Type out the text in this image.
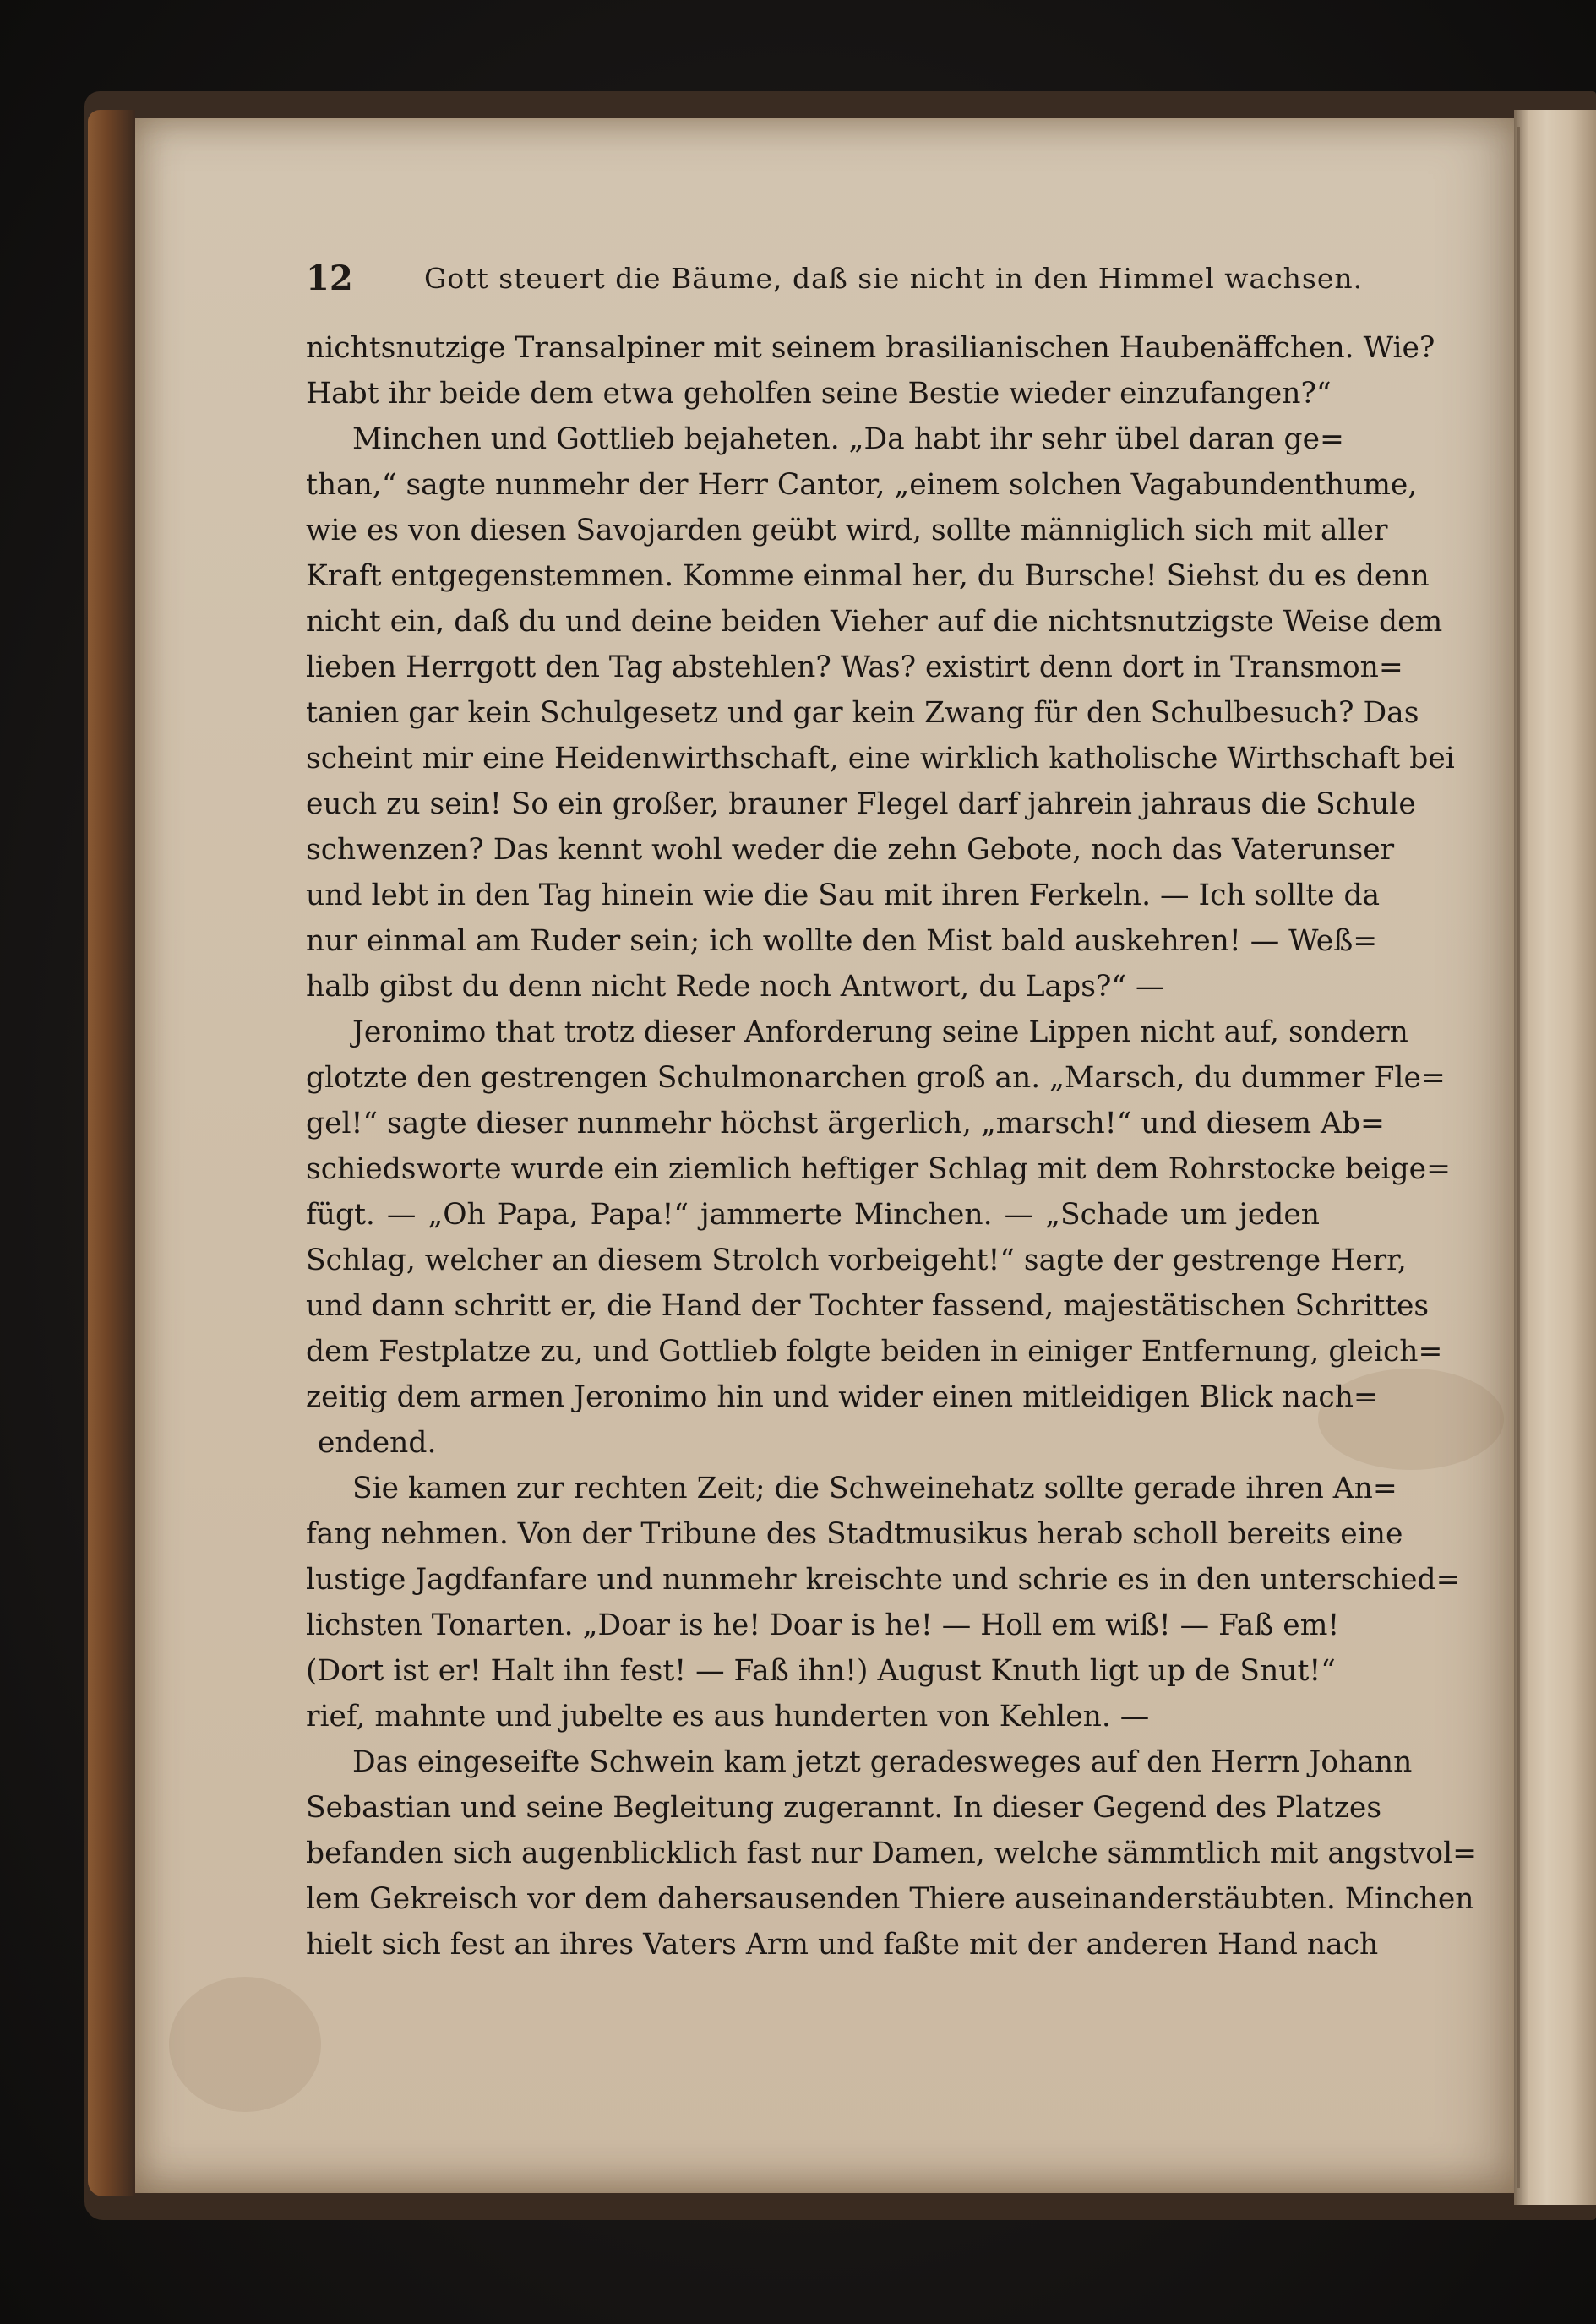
12	Gott steuert die Bäume, daß sie nicht in den Himmel wachsen.
nichtsnutzige Transalpiner mit seinem brasilianischen Haubenäffchen. Wie?
Habt ihr beide dem etwa geholfen seine Bestie wieder einzufangen?“
Minchen und Gottlieb bejaheten. „Da habt ihr sehr übel daran ge=
than,“ sagte nunmehr der Herr Cantor, „einem solchen Vagabundenthume,
wie es von diesen Savojarden geübt wird, sollte männiglich sich mit aller
Kraft entgegenstemmen. Komme einmal her, du Bursche! Siehst du es denn
nicht ein, daß du und deine beiden Vieher auf die nichtsnutzigste Weise dem
lieben Herrgott den Tag abstehlen? Was? existirt denn dort in Transmon=
tanien gar kein Schulgesetz und gar kein Zwang für den Schulbesuch? Das
scheint mir eine Heidenwirthschaft, eine wirklich katholische Wirthschaft bei
euch zu sein! So ein großer, brauner Flegel darf jahrein jahraus die Schule
schwenzen? Das kennt wohl weder die zehn Gebote, noch das Vaterunser
und lebt in den Tag hinein wie die Sau mit ihren Ferkeln. — Ich sollte da
nur einmal am Ruder sein; ich wollte den Mist bald auskehren! — Weß=
halb gibst du denn nicht Rede noch Antwort, du Laps?“ —
Jeronimo that trotz dieser Anforderung seine Lippen nicht auf, sondern
glotzte den gestrengen Schulmonarchen groß an. „Marsch, du dummer Fle=
gel!“ sagte dieser nunmehr höchst ärgerlich, „marsch!“ und diesem Ab=
schiedsworte wurde ein ziemlich heftiger Schlag mit dem Rohrstocke beige=
fügt. — „Oh Papa, Papa!“ jammerte Minchen. — „Schade um jeden
Schlag, welcher an diesem Strolch vorbeigeht!“ sagte der gestrenge Herr,
und dann schritt er, die Hand der Tochter fassend, majestätischen Schrittes
dem Festplatze zu, und Gottlieb folgte beiden in einiger Entfernung, gleich=
zeitig dem armen Jeronimo hin und wider einen mitleidigen Blick nach=
endend.
Sie kamen zur rechten Zeit; die Schweinehatz sollte gerade ihren An=
fang nehmen. Von der Tribune des Stadtmusikus herab scholl bereits eine
lustige Jagdfanfare und nunmehr kreischte und schrie es in den unterschied=
lichsten Tonarten. „Doar is he! Doar is he! — Holl em wiß! — Faß em!
(Dort ist er! Halt ihn fest! — Faß ihn!) August Knuth ligt up de Snut!“
rief, mahnte und jubelte es aus hunderten von Kehlen. —
Das eingeseifte Schwein kam jetzt geradesweges auf den Herrn Johann
Sebastian und seine Begleitung zugerannt. In dieser Gegend des Platzes
befanden sich augenblicklich fast nur Damen, welche sämmtlich mit angstvol=
lem Gekreisch vor dem dahersausenden Thiere auseinanderstäubten. Minchen
hielt sich fest an ihres Vaters Arm und faßte mit der anderen Hand nach
